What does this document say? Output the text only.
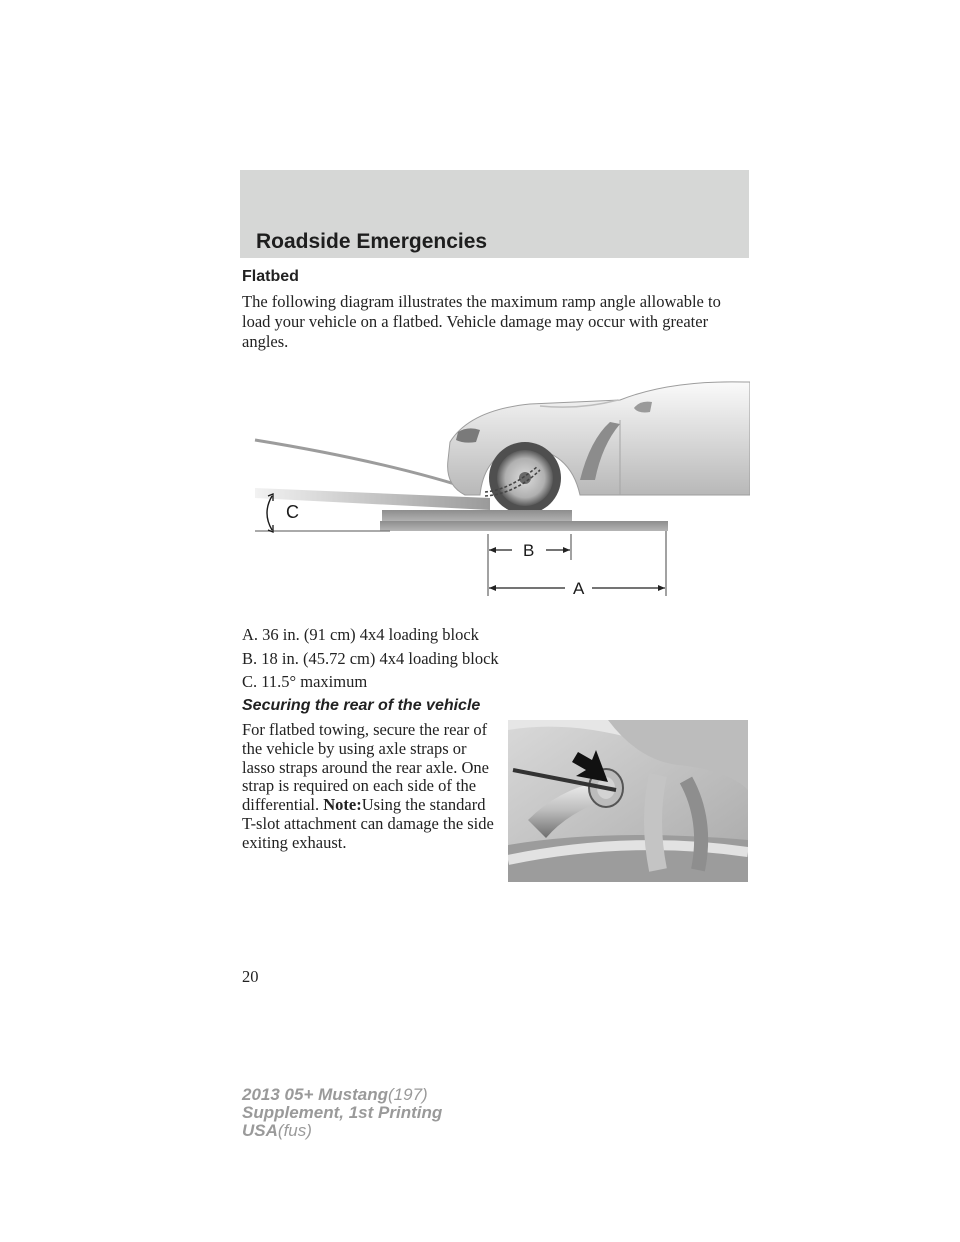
Roadside Emergencies
Flatbed

The following diagram illustrates the maximum ramp angle allowable to load your vehicle on a flatbed. Vehicle damage may occur with greater angles.

C
B
A
A. 36 in. (91 cm) 4x4 loading block
B. 18 in. (45.72 cm) 4x4 loading block
C. 11.5° maximum
Securing the rear of the vehicle

For flatbed towing, secure the rear of the vehicle by using axle straps or lasso straps around the rear axle. One strap is required on each side of the differential. Note:Using the standard T-slot attachment can damage the side exiting exhaust.

20
2013 05+ Mustang(197)
Supplement, 1st Printing
USA(fus)
